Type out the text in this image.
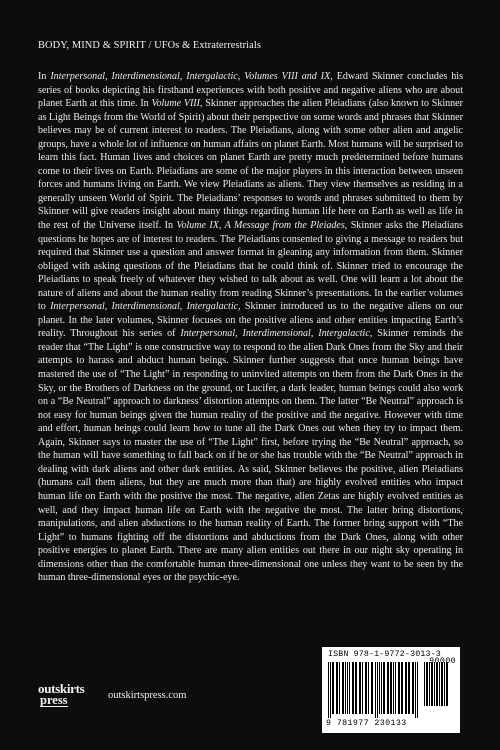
BODY, MIND & SPIRIT / UFOs & Extraterrestrials

In Interpersonal, Interdimensional, Intergalactic, Volumes VIII and IX, Edward Skinner concludes his series of books depicting his firsthand experiences with both positive and negative aliens who are about planet Earth at this time. In Volume VIII, Skinner approaches the alien Pleiadians (also known to Skinner as Light Beings from the World of Spirit) about their perspective on some words and phrases that Skinner believes may be of current interest to readers. The Pleiadians, along with some other alien and angelic groups, have a whole lot of influence on human affairs on planet Earth. Most humans will be surprised to learn this fact. Human lives and choices on planet Earth are pretty much predetermined before humans come to their lives on Earth. Pleiadians are some of the major players in this interaction between unseen forces and humans living on Earth. We view Pleiadians as aliens. They view themselves as residing in a generally unseen World of Spirit. The Pleiadians’ responses to words and phrases submitted to them by Skinner will give readers insight about many things regarding human life here on Earth as well as life in the rest of the Universe itself. In Volume IX, A Message from the Pleiades, Skinner asks the Pleiadians questions he hopes are of interest to readers. The Pleiadians consented to giving a message to readers but required that Skinner use a question and answer format in gleaning any information from them. Skinner obliged with asking questions of the Pleiadians that he could think of. Skinner tried to encourage the Pleiadians to speak freely of whatever they wished to talk about as well. One will learn a lot about the nature of aliens and about the human reality from reading Skinner’s presentations. In the earlier volumes to Interpersonal, Interdimensional, Intergalactic, Skinner introduced us to the negative aliens on our planet. In the later volumes, Skinner focuses on the positive aliens and other entities impacting Earth’s reality. Throughout his series of Interpersonal, Interdimensional, Intergalactic, Skinner reminds the reader that “The Light” is one constructive way to respond to the alien Dark Ones from the Sky and their attempts to harass and abduct human beings. Skinner further suggests that once human beings have mastered the use of “The Light” in responding to uninvited attempts on them from the Dark Ones in the Sky, or the Brothers of Darkness on the ground, or Lucifer, a dark leader, human beings could also work on a “Be Neutral” approach to darkness’ distortion attempts on them. The latter “Be Neutral” approach is not easy for human beings given the human reality of the positive and the negative. However with time and effort, human beings could learn how to tune all the Dark Ones out when they try to impact them. Again, Skinner says to master the use of “The Light” first, before trying the “Be Neutral” approach, so the human will have something to fall back on if he or she has trouble with the “Be Neutral” approach in dealing with dark aliens and other dark entities. As said, Skinner believes the positive, alien Pleiadians (humans call them aliens, but they are much more than that) are highly evolved entities who impact human life on Earth with the positive the most. The negative, alien Zetas are highly evolved entities as well, and they impact human life on Earth with the negative the most. The latter bring distortions, manipulations, and alien abductions to the human reality of Earth. The former bring support with “The Light” to humans fighting off the distortions and abductions from the Dark Ones, along with other positive energies to planet Earth. There are many alien entities out there in our night sky operating in dimensions other than the comfortable human three-dimensional one unless they want to be seen by the human three-dimensional eyes or the psychic-eye.

outskirts
press	outskirtspress.com
ISBN 978-1-9772-3013-3
9 781977 230133
90000
